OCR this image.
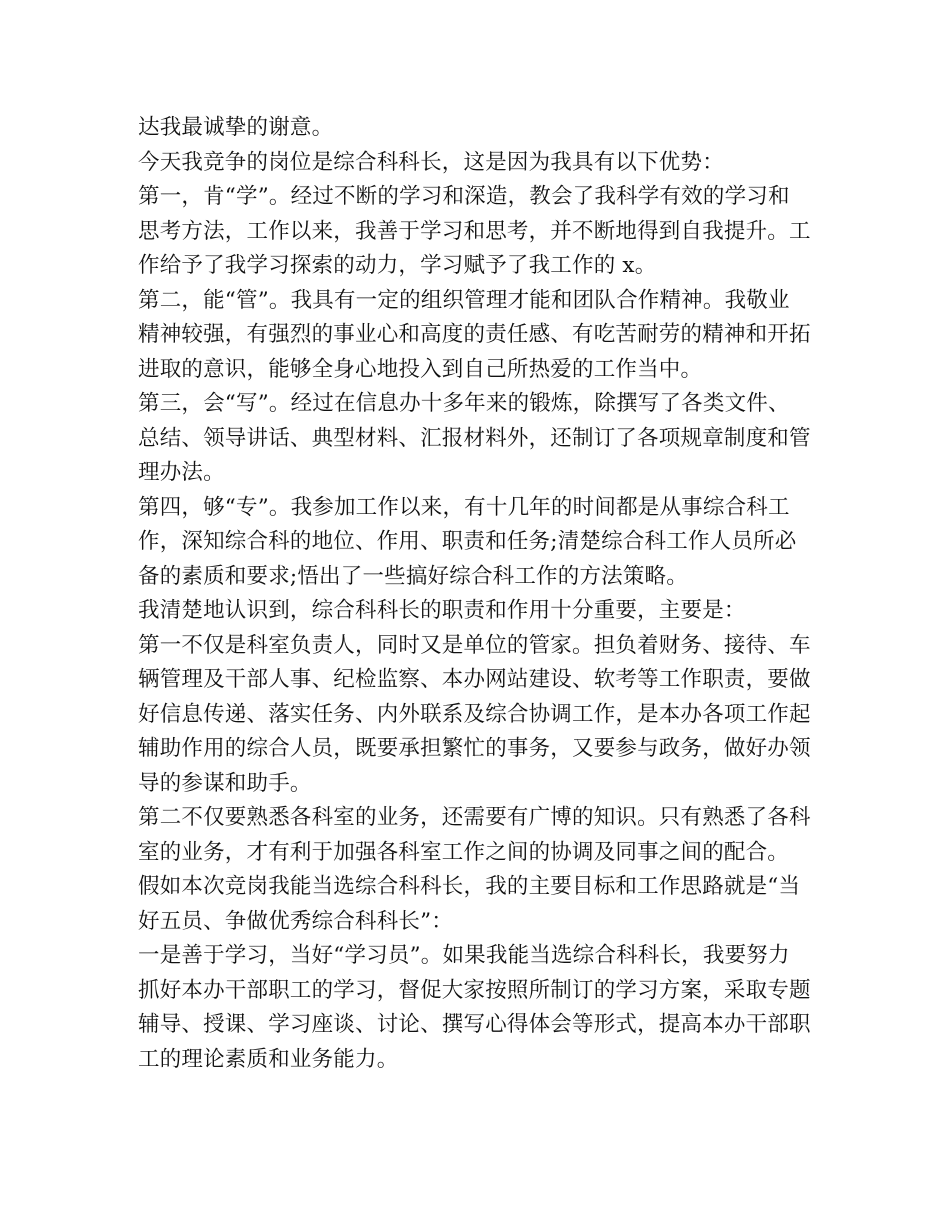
达我最诚挚的谢意。
今天我竞争的岗位是综合科科长，这是因为我具有以下优势：
第一，肯“学”。经过不断的学习和深造，教会了我科学有效的学习和
思考方法，工作以来，我善于学习和思考，并不断地得到自我提升。工
作给予了我学习探索的动力，学习赋予了我工作的 x。
第二，能“管”。我具有一定的组织管理才能和团队合作精神。我敬业
精神较强，有强烈的事业心和高度的责任感、有吃苦耐劳的精神和开拓
进取的意识，能够全身心地投入到自己所热爱的工作当中。
第三，会“写”。经过在信息办十多年来的锻炼，除撰写了各类文件、
总结、领导讲话、典型材料、汇报材料外，还制订了各项规章制度和管
理办法。
第四，够“专”。我参加工作以来，有十几年的时间都是从事综合科工
作，深知综合科的地位、作用、职责和任务;清楚综合科工作人员所必
备的素质和要求;悟出了一些搞好综合科工作的方法策略。
我清楚地认识到，综合科科长的职责和作用十分重要，主要是：
第一不仅是科室负责人，同时又是单位的管家。担负着财务、接待、车
辆管理及干部人事、纪检监察、本办网站建设、软考等工作职责，要做
好信息传递、落实任务、内外联系及综合协调工作，是本办各项工作起
辅助作用的综合人员，既要承担繁忙的事务，又要参与政务，做好办领
导的参谋和助手。
第二不仅要熟悉各科室的业务，还需要有广博的知识。只有熟悉了各科
室的业务，才有利于加强各科室工作之间的协调及同事之间的配合。
假如本次竞岗我能当选综合科科长，我的主要目标和工作思路就是“当
好五员、争做优秀综合科科长”：
一是善于学习，当好“学习员”。如果我能当选综合科科长，我要努力
抓好本办干部职工的学习，督促大家按照所制订的学习方案，采取专题
辅导、授课、学习座谈、讨论、撰写心得体会等形式，提高本办干部职
工的理论素质和业务能力。
